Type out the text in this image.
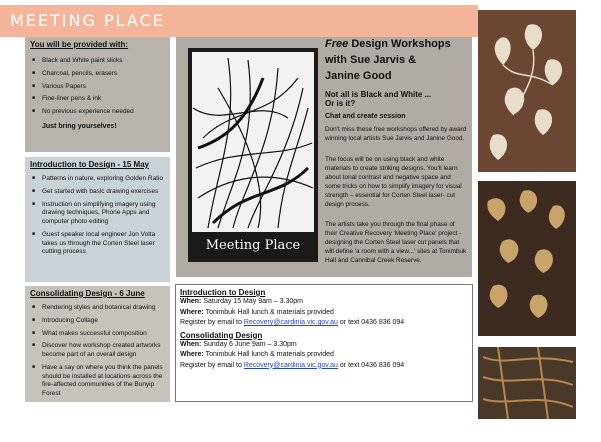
MEETING PLACE
You will be provided with:
■ Black and White paint slicks
■ Charcoal, pencils, erasers
■ Various Papers
■ Fine-liner pens & ink
■ No previous experience needed
Just bring yourselves!
Introduction to Design - 15 May
■ Patterns in nature, exploring Golden Ratio
■ Get started with basic drawing exercises
■ Instruction on simplifying imagery using drawing techniques, Phone Apps and computer photo editing
■ Guest speaker local engineer Jon Volta takes us through the Corten Steel laser cutting process
Consolidating Design - 6 June
■ Rendering styles and botanical drawing
■ Introducing Collage
■ What makes successful composition
■ Discover how workshop created artworks become part of an overall design
■ Have a say on where you think the panels should be installed at locations across the fire-affected communities of the Bunyip Forest
Meeting Place
Free Design Workshops
with Sue Jarvis &
Janine Good
Not all is Black and White ...
Or is it?
Chat and create session
Don't miss these free workshops offered by award winning local artists Sue Jarvis and Janine Good.
The focus will be on using black and white materials to create striking designs. You'll learn about tonal contrast and negative space and some tricks on how to simplify imagery for visual strength – essential for Corten Steel laser- cut design process.
The artists take you through the final phase of their Creative Recovery 'Meeting Place' project - designing the Corten Steel laser cut panels that will define 'a room with a view...' sites at Tonimbuk Hall and Cannibal Creek Reserve.
Introduction to Design
When: Saturday 15 May 9am – 3.30pm
Where: Tonimbuk Hall lunch & materials provided
Register by email to Recovery@cardinia.vic.gov.au or text 0436 836 094
Consolidating Design
When: Sunday 6 June 9am – 3.30pm
Where: Tonimbuk Hall lunch & materials provided
Register by email to Recovery@cardinia.vic.gov.au or text 0436 836 094
